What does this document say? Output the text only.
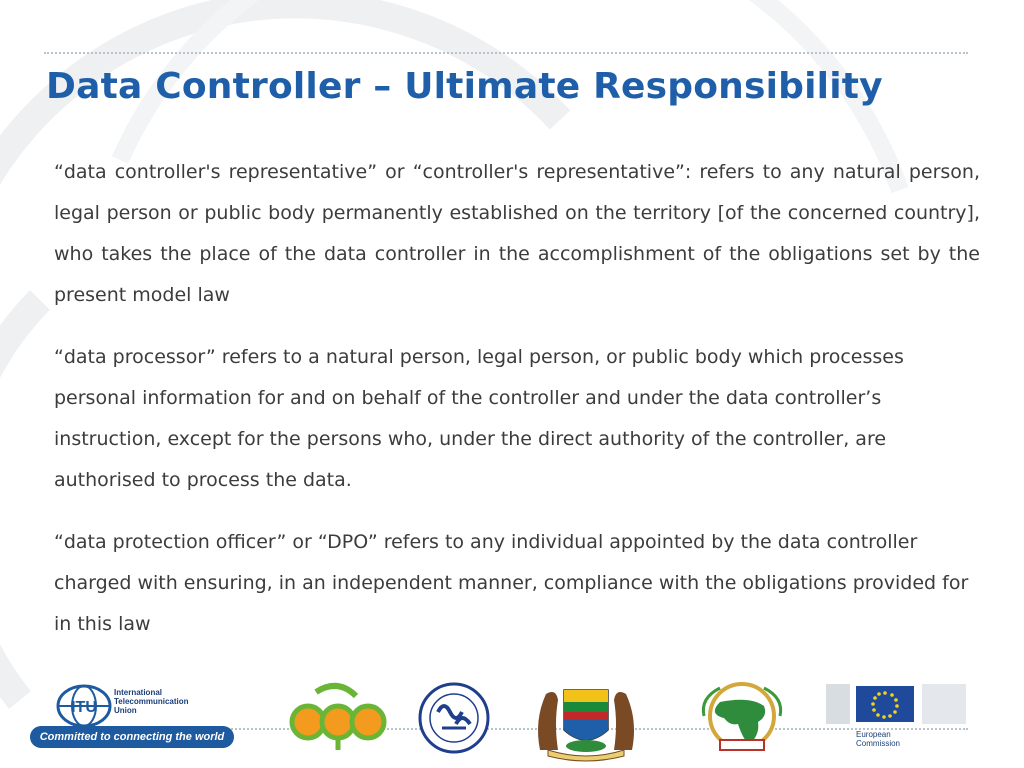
Data Controller – Ultimate Responsibility

“data controller's representative” or “controller's representative”: refers to any natural person, legal person or public body permanently established on the territory [of the concerned country], who takes the place of the data controller in the accomplishment of the obligations set by the present model law

“data processor” refers to a natural person, legal person, or public body which processes personal information for and on behalf of the controller and under the data controller’s instruction, except for the persons who, under the direct authority of the controller, are authorised to process the data.

“data protection officer” or “DPO” refers to any individual appointed by the data controller charged with ensuring, in an independent manner, compliance with the obligations provided for in this law

ITU
International
Telecommunication
Union
Committed to connecting the world	European
Commission
